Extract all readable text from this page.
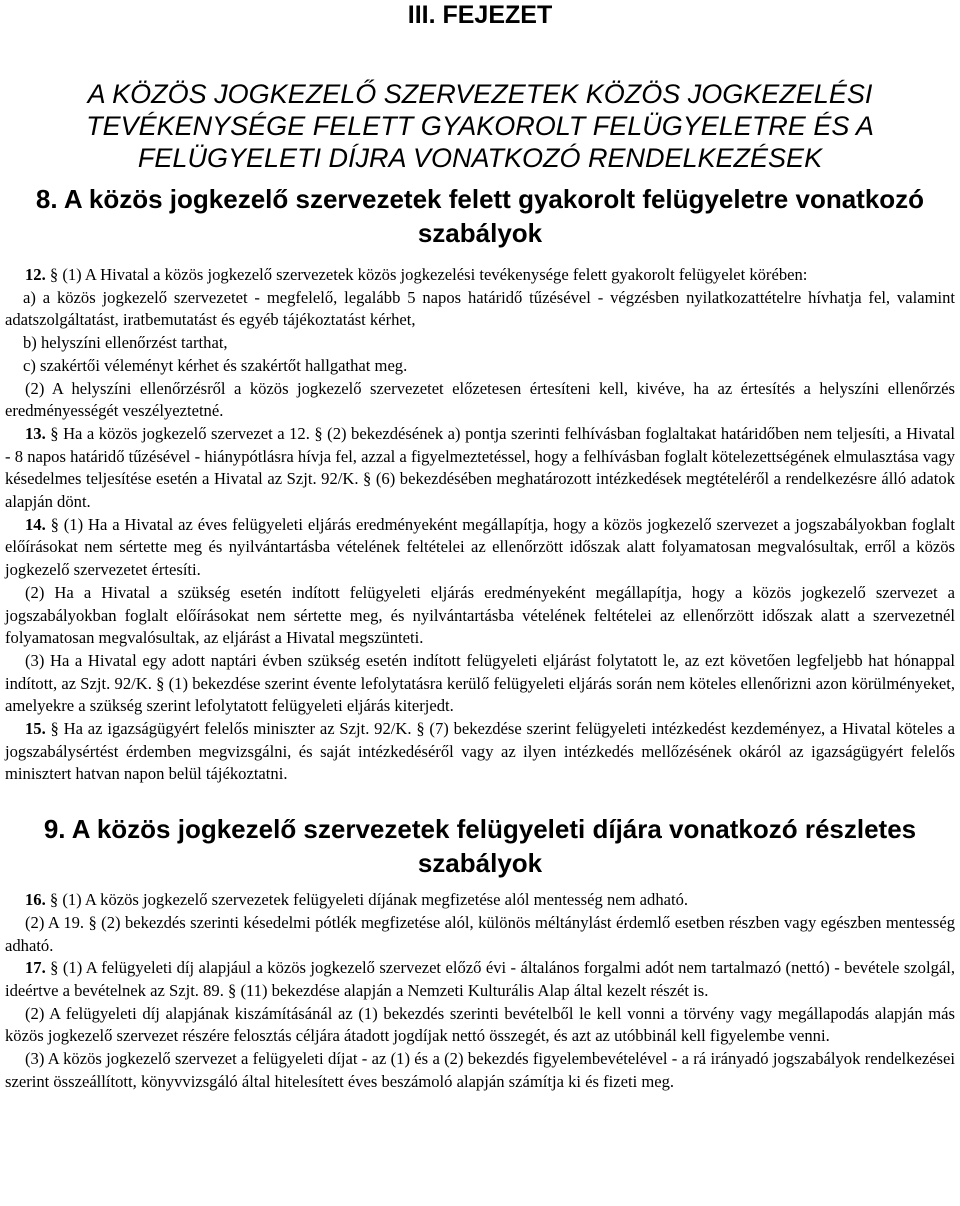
III. FEJEZET
A KÖZÖS JOGKEZELŐ SZERVEZETEK KÖZÖS JOGKEZELÉSI
TEVÉKENYSÉGE FELETT GYAKOROLT FELÜGYELETRE ÉS A
FELÜGYELETI DÍJRA VONATKOZÓ RENDELKEZÉSEK
8. A közös jogkezelő szervezetek felett gyakorolt felügyeletre vonatkozó szabályok

12. § (1) A Hivatal a közös jogkezelő szervezetek közös jogkezelési tevékenysége felett gyakorolt felügyelet körében:

a) a közös jogkezelő szervezetet - megfelelő, legalább 5 napos határidő tűzésével - végzésben nyilatkozattételre hívhatja fel, valamint adatszolgáltatást, iratbemutatást és egyéb tájékoztatást kérhet,

b) helyszíni ellenőrzést tarthat,

c) szakértői véleményt kérhet és szakértőt hallgathat meg.

(2) A helyszíni ellenőrzésről a közös jogkezelő szervezetet előzetesen értesíteni kell, kivéve, ha az értesítés a helyszíni ellenőrzés eredményességét veszélyeztetné.

13. § Ha a közös jogkezelő szervezet a 12. § (2) bekezdésének a) pontja szerinti felhívásban foglaltakat határidőben nem teljesíti, a Hivatal - 8 napos határidő tűzésével - hiánypótlásra hívja fel, azzal a figyelmeztetéssel, hogy a felhívásban foglalt kötelezettségének elmulasztása vagy késedelmes teljesítése esetén a Hivatal az Szjt. 92/K. § (6) bekezdésében meghatározott intézkedések megtételéről a rendelkezésre álló adatok alapján dönt.

14. § (1) Ha a Hivatal az éves felügyeleti eljárás eredményeként megállapítja, hogy a közös jogkezelő szervezet a jogszabályokban foglalt előírásokat nem sértette meg és nyilvántartásba vételének feltételei az ellenőrzött időszak alatt folyamatosan megvalósultak, erről a közös jogkezelő szervezetet értesíti.

(2) Ha a Hivatal a szükség esetén indított felügyeleti eljárás eredményeként megállapítja, hogy a közös jogkezelő szervezet a jogszabályokban foglalt előírásokat nem sértette meg, és nyilvántartásba vételének feltételei az ellenőrzött időszak alatt a szervezetnél folyamatosan megvalósultak, az eljárást a Hivatal megszünteti.

(3) Ha a Hivatal egy adott naptári évben szükség esetén indított felügyeleti eljárást folytatott le, az ezt követően legfeljebb hat hónappal indított, az Szjt. 92/K. § (1) bekezdése szerint évente lefolytatásra kerülő felügyeleti eljárás során nem köteles ellenőrizni azon körülményeket, amelyekre a szükség szerint lefolytatott felügyeleti eljárás kiterjedt.

15. § Ha az igazságügyért felelős miniszter az Szjt. 92/K. § (7) bekezdése szerint felügyeleti intézkedést kezdeményez, a Hivatal köteles a jogszabálysértést érdemben megvizsgálni, és saját intézkedéséről vagy az ilyen intézkedés mellőzésének okáról az igazságügyért felelős minisztert hatvan napon belül tájékoztatni.

9. A közös jogkezelő szervezetek felügyeleti díjára vonatkozó részletes szabályok

16. § (1) A közös jogkezelő szervezetek felügyeleti díjának megfizetése alól mentesség nem adható.

(2) A 19. § (2) bekezdés szerinti késedelmi pótlék megfizetése alól, különös méltánylást érdemlő esetben részben vagy egészben mentesség adható.

17. § (1) A felügyeleti díj alapjául a közös jogkezelő szervezet előző évi - általános forgalmi adót nem tartalmazó (nettó) - bevétele szolgál, ideértve a bevételnek az Szjt. 89. § (11) bekezdése alapján a Nemzeti Kulturális Alap által kezelt részét is.

(2) A felügyeleti díj alapjának kiszámításánál az (1) bekezdés szerinti bevételből le kell vonni a törvény vagy megállapodás alapján más közös jogkezelő szervezet részére felosztás céljára átadott jogdíjak nettó összegét, és azt az utóbbinál kell figyelembe venni.

(3) A közös jogkezelő szervezet a felügyeleti díjat - az (1) és a (2) bekezdés figyelembevételével - a rá irányadó jogszabályok rendelkezései szerint összeállított, könyvvizsgáló által hitelesített éves beszámoló alapján számítja ki és fizeti meg.
